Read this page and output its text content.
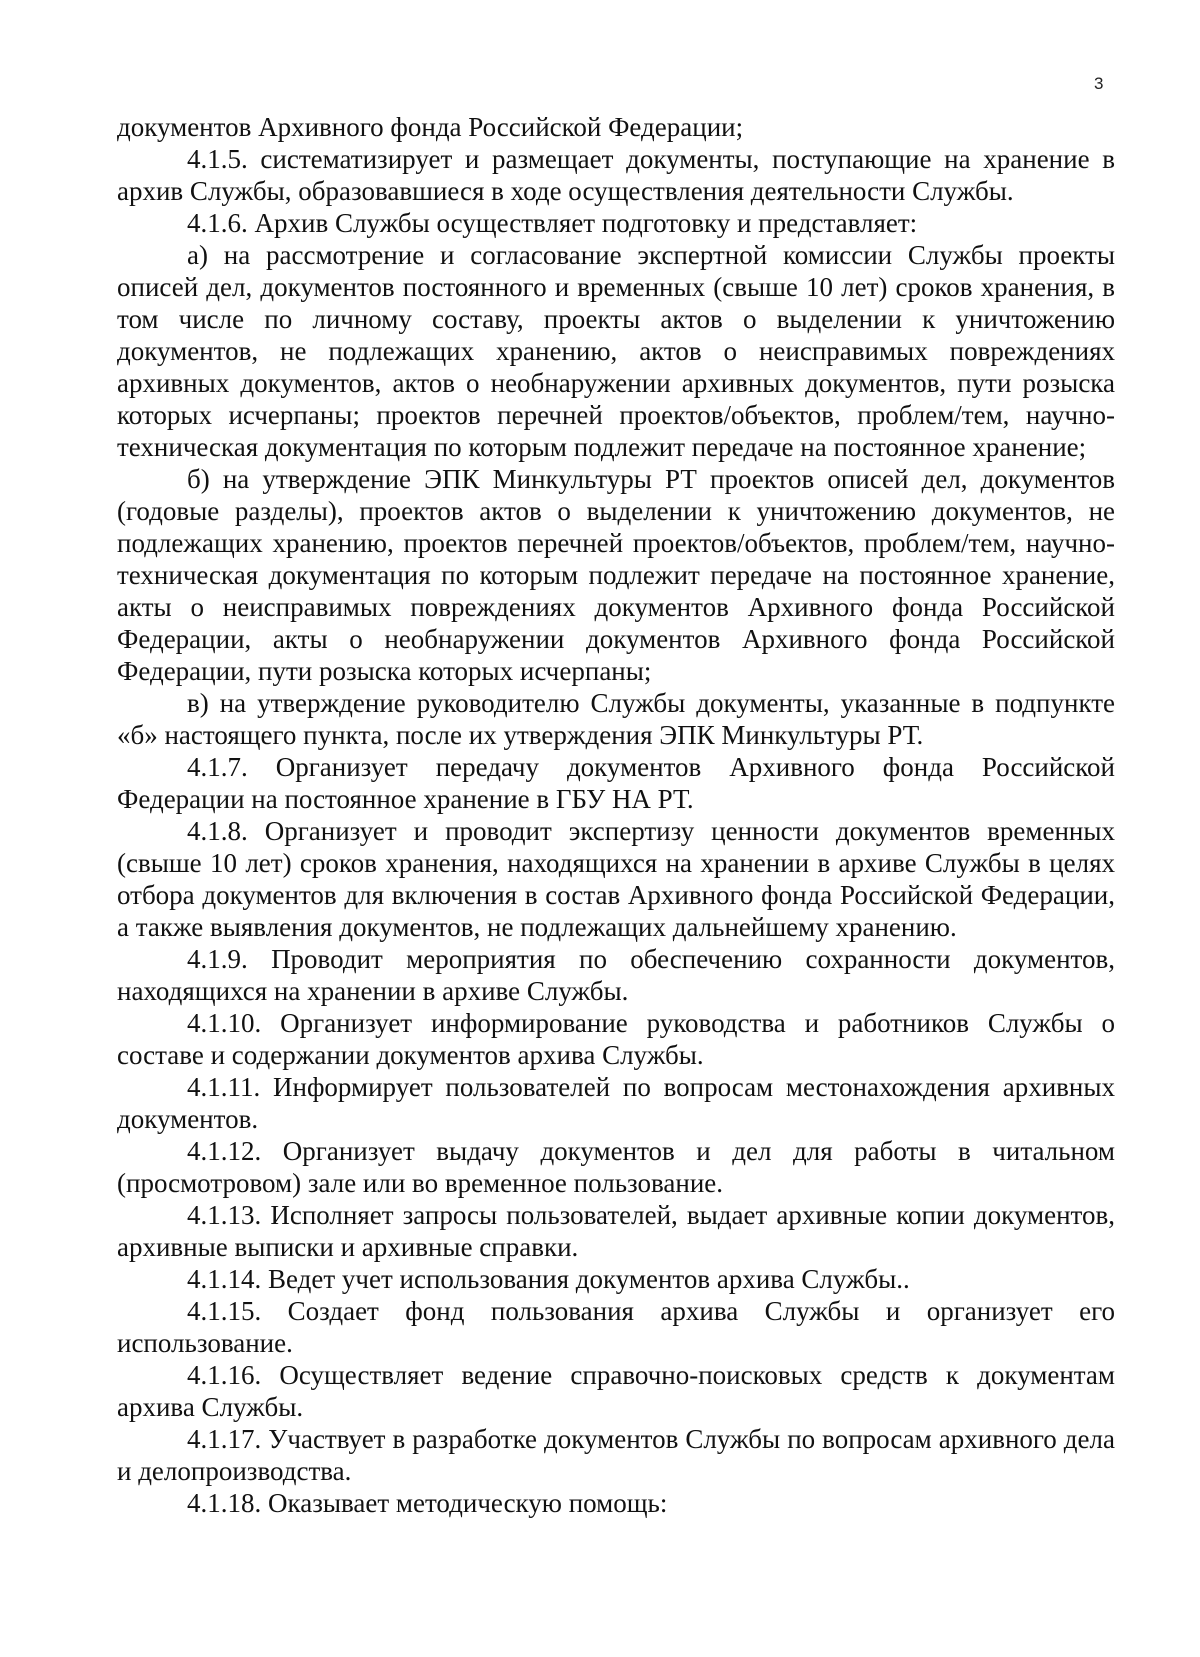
3

документов Архивного фонда Российской Федерации;

4.1.5. систематизирует и размещает документы, поступающие на хранение в архив Службы, образовавшиеся в ходе осуществления деятельности Службы.

4.1.6. Архив Службы осуществляет подготовку и представляет:

а) на рассмотрение и согласование экспертной комиссии Службы проекты описей дел, документов постоянного и временных (свыше 10 лет) сроков хранения, в том числе по личному составу, проекты актов о выделении к уничтожению документов, не подлежащих хранению, актов о неисправимых повреждениях архивных документов, актов о необнаружении архивных документов, пути розыска которых исчерпаны; проектов перечней проектов/объектов, проблем/тем, научно-техническая документация по которым подлежит передаче на постоянное хранение;

б) на утверждение ЭПК Минкультуры РТ проектов описей дел, документов (годовые разделы), проектов актов о выделении к уничтожению документов, не подлежащих хранению, проектов перечней проектов/объектов, проблем/тем, научно-техническая документация по которым подлежит передаче на постоянное хранение, акты о неисправимых повреждениях документов Архивного фонда Российской Федерации, акты о необнаружении документов Архивного фонда Российской Федерации, пути розыска которых исчерпаны;

в) на утверждение руководителю Службы документы, указанные в подпункте «б» настоящего пункта, после их утверждения ЭПК Минкультуры РТ.

4.1.7. Организует передачу документов Архивного фонда Российской Федерации на постоянное хранение в ГБУ НА РТ.

4.1.8. Организует и проводит экспертизу ценности документов временных (свыше 10 лет) сроков хранения, находящихся на хранении в архиве Службы в целях отбора документов для включения в состав Архивного фонда Российской Федерации, а также выявления документов, не подлежащих дальнейшему хранению.

4.1.9. Проводит мероприятия по обеспечению сохранности документов, находящихся на хранении в архиве Службы.

4.1.10. Организует информирование руководства и работников Службы о составе и содержании документов архива Службы.

4.1.11. Информирует пользователей по вопросам местонахождения архивных документов.

4.1.12. Организует выдачу документов и дел для работы в читальном (просмотровом) зале или во временное пользование.

4.1.13. Исполняет запросы пользователей, выдает архивные копии документов, архивные выписки и архивные справки.

4.1.14. Ведет учет использования документов архива Службы..

4.1.15. Создает фонд пользования архива Службы и организует его использование.

4.1.16. Осуществляет ведение справочно-поисковых средств к документам архива Службы.

4.1.17. Участвует в разработке документов Службы по вопросам архивного дела и делопроизводства.

4.1.18. Оказывает методическую помощь:
